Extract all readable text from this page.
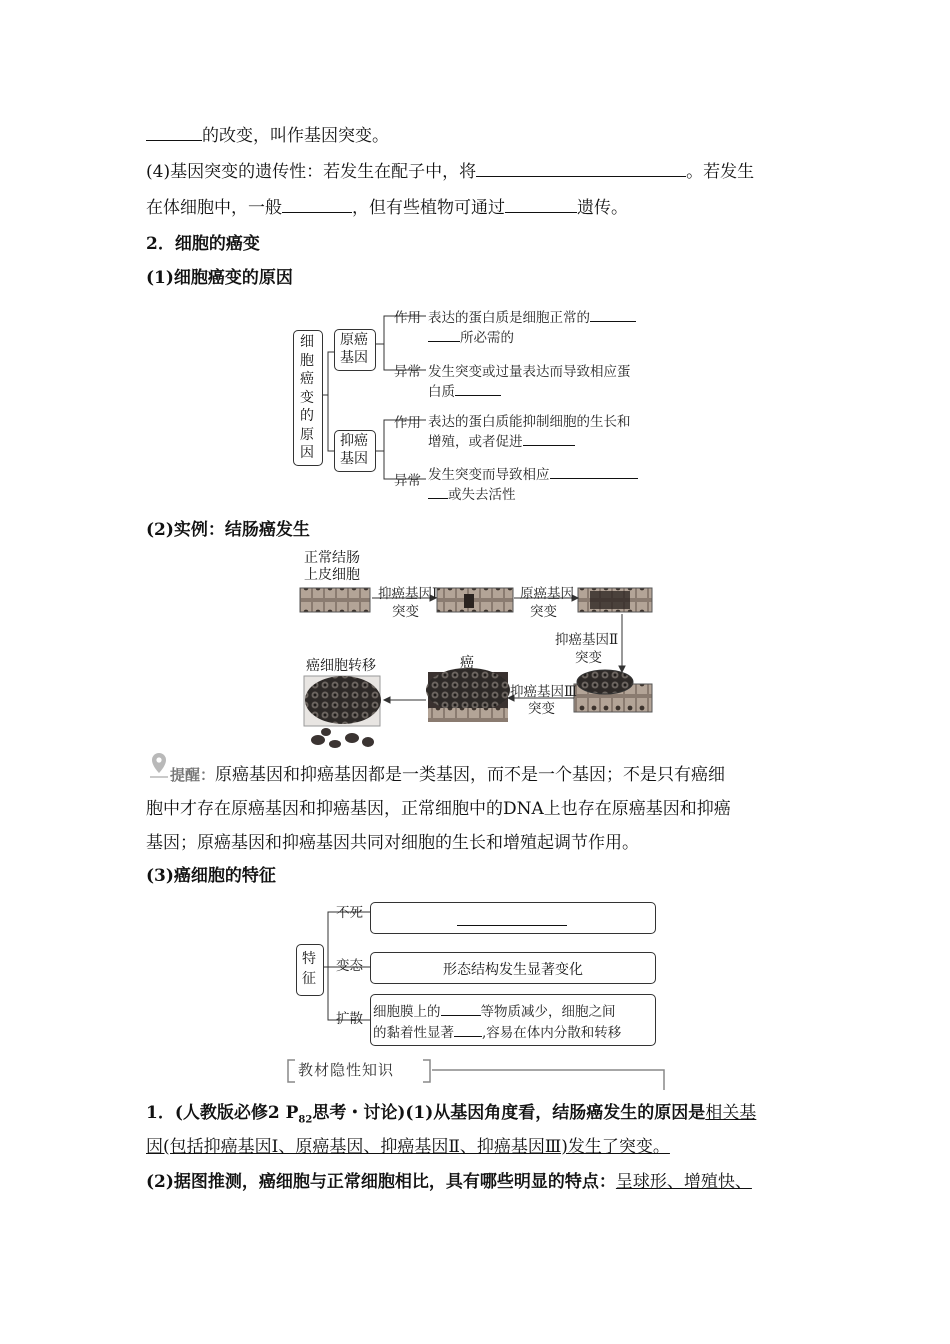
的改变，叫作基因突变。
(4)基因突变的遗传性：若发生在配子中，将	。若发生
在体细胞中，一般	，但有些植物可通过	遗传。
2．细胞的癌变
(1)细胞癌变的原因
细胞癌变的原因
原癌基因
抑癌基因
作用
异常
作用
异常
表达的蛋白质是细胞正常的
所必需的
发生突变或过量表达而导致相应蛋
白质
表达的蛋白质能抑制细胞的生长和
增殖，或者促进
发生突变而导致相应
或失去活性
(2)实例：结肠癌发生
正常结肠
上皮细胞
抑癌基因Ⅰ
突变
原癌基因
突变
抑癌基因Ⅱ
突变
抑癌基因Ⅲ
突变
癌
癌细胞转移
提醒：原癌基因和抑癌基因都是一类基因，而不是一个基因；不是只有癌细
胞中才存在原癌基因和抑癌基因，正常细胞中的DNA上也存在原癌基因和抑癌
基因；原癌基因和抑癌基因共同对细胞的生长和增殖起调节作用。
(3)癌细胞的特征
特征
不死
变态
扩散
形态结构发生显著变化
细胞膜上的	等物质减少，细胞之间
的黏着性显著 ,容易在体内分散和转移
教材隐性知识
1．(人教版必修2 $P_{82}$思考・讨论)(1)从基因角度看，结肠癌发生的原因是相关基
因(包括抑癌基因Ⅰ、原癌基因、抑癌基因Ⅱ、抑癌基因Ⅲ)发生了突变。
(2)据图推测，癌细胞与正常细胞相比，具有哪些明显的特点：呈球形、增殖快、
